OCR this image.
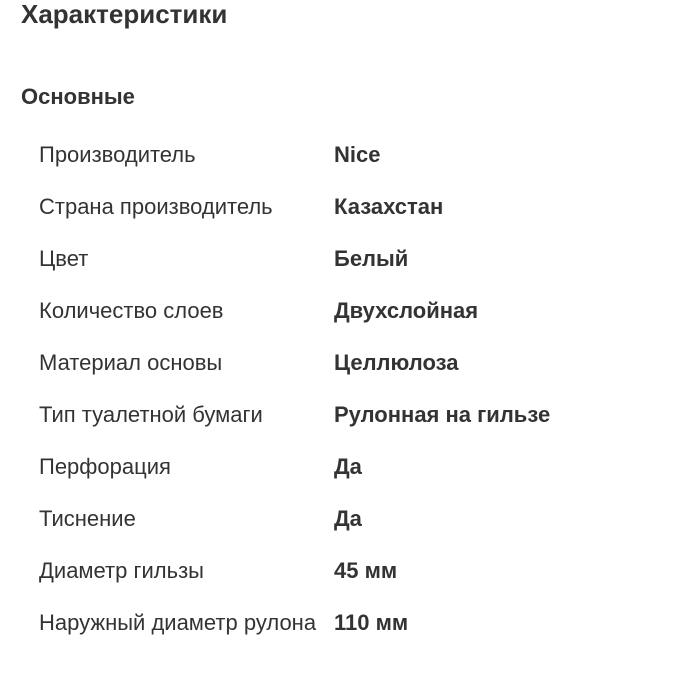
Характеристики
Основные
Производитель	Nice
Страна производитель	Казахстан
Цвет	Белый
Количество слоев	Двухслойная
Материал основы	Целлюлоза
Тип туалетной бумаги	Рулонная на гильзе
Перфорация	Да
Тиснение	Да
Диаметр гильзы	45 мм
Наружный диаметр рулона 110 мм
